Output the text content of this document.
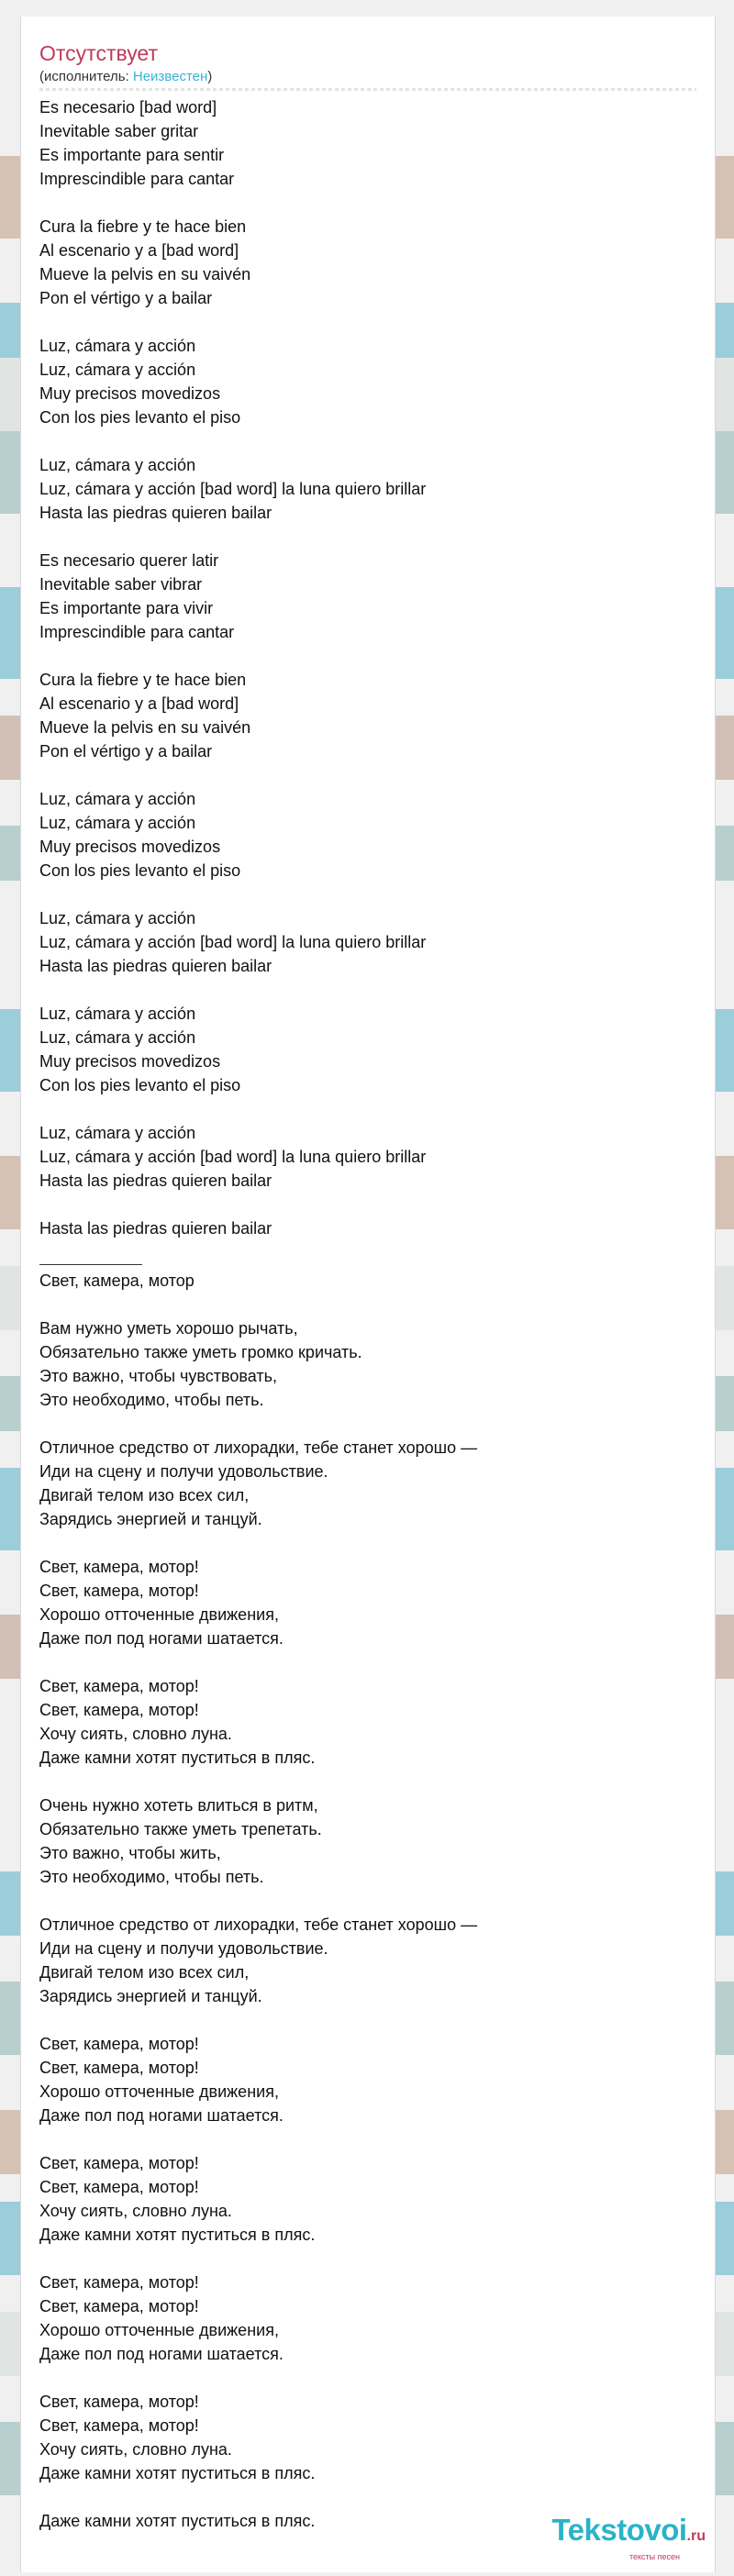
Отсутствует
(исполнитель: Неизвестен)
Es necesario [bad word]
Inevitable saber gritar
Es importante para sentir
Imprescindible para cantar
Cura la fiebre y te hace bien
Al escenario y a [bad word]
Mueve la pelvis en su vaivén
Pon el vértigo y a bailar
Luz, cámara y acción
Luz, cámara y acción
Muy precisos movedizos
Con los pies levanto el piso
Luz, cámara y acción
Luz, cámara y acción [bad word] la luna quiero brillar
Hasta las piedras quieren bailar
Es necesario querer latir
Inevitable saber vibrar
Es importante para vivir
Imprescindible para cantar
Cura la fiebre y te hace bien
Al escenario y a [bad word]
Mueve la pelvis en su vaivén
Pon el vértigo y a bailar
Luz, cámara y acción
Luz, cámara y acción
Muy precisos movedizos
Con los pies levanto el piso
Luz, cámara y acción
Luz, cámara y acción [bad word] la luna quiero brillar
Hasta las piedras quieren bailar
Luz, cámara y acción
Luz, cámara y acción
Muy precisos movedizos
Con los pies levanto el piso
Luz, cámara y acción
Luz, cámara y acción [bad word] la luna quiero brillar
Hasta las piedras quieren bailar
Hasta las piedras quieren bailar
Свет, камера, мотор
Вам нужно уметь хорошо рычать,
Обязательно также уметь громко кричать.
Это важно, чтобы чувствовать,
Это необходимо, чтобы петь.
Отличное средство от лихорадки, тебе станет хорошо —
Иди на сцену и получи удовольствие.
Двигай телом изо всех сил,
Зарядись энергией и танцуй.
Свет, камера, мотор!
Свет, камера, мотор!
Хорошо отточенные движения,
Даже пол под ногами шатается.
Свет, камера, мотор!
Свет, камера, мотор!
Хочу сиять, словно луна.
Даже камни хотят пуститься в пляс.
Очень нужно хотеть влиться в ритм,
Обязательно также уметь трепетать.
Это важно, чтобы жить,
Это необходимо, чтобы петь.
Отличное средство от лихорадки, тебе станет хорошо —
Иди на сцену и получи удовольствие.
Двигай телом изо всех сил,
Зарядись энергией и танцуй.
Свет, камера, мотор!
Свет, камера, мотор!
Хорошо отточенные движения,
Даже пол под ногами шатается.
Свет, камера, мотор!
Свет, камера, мотор!
Хочу сиять, словно луна.
Даже камни хотят пуститься в пляс.
Свет, камера, мотор!
Свет, камера, мотор!
Хорошо отточенные движения,
Даже пол под ногами шатается.
Свет, камера, мотор!
Свет, камера, мотор!
Хочу сиять, словно луна.
Даже камни хотят пуститься в пляс.
Даже камни хотят пуститься в пляс.	Tekstovoi.ru
тексты песен
